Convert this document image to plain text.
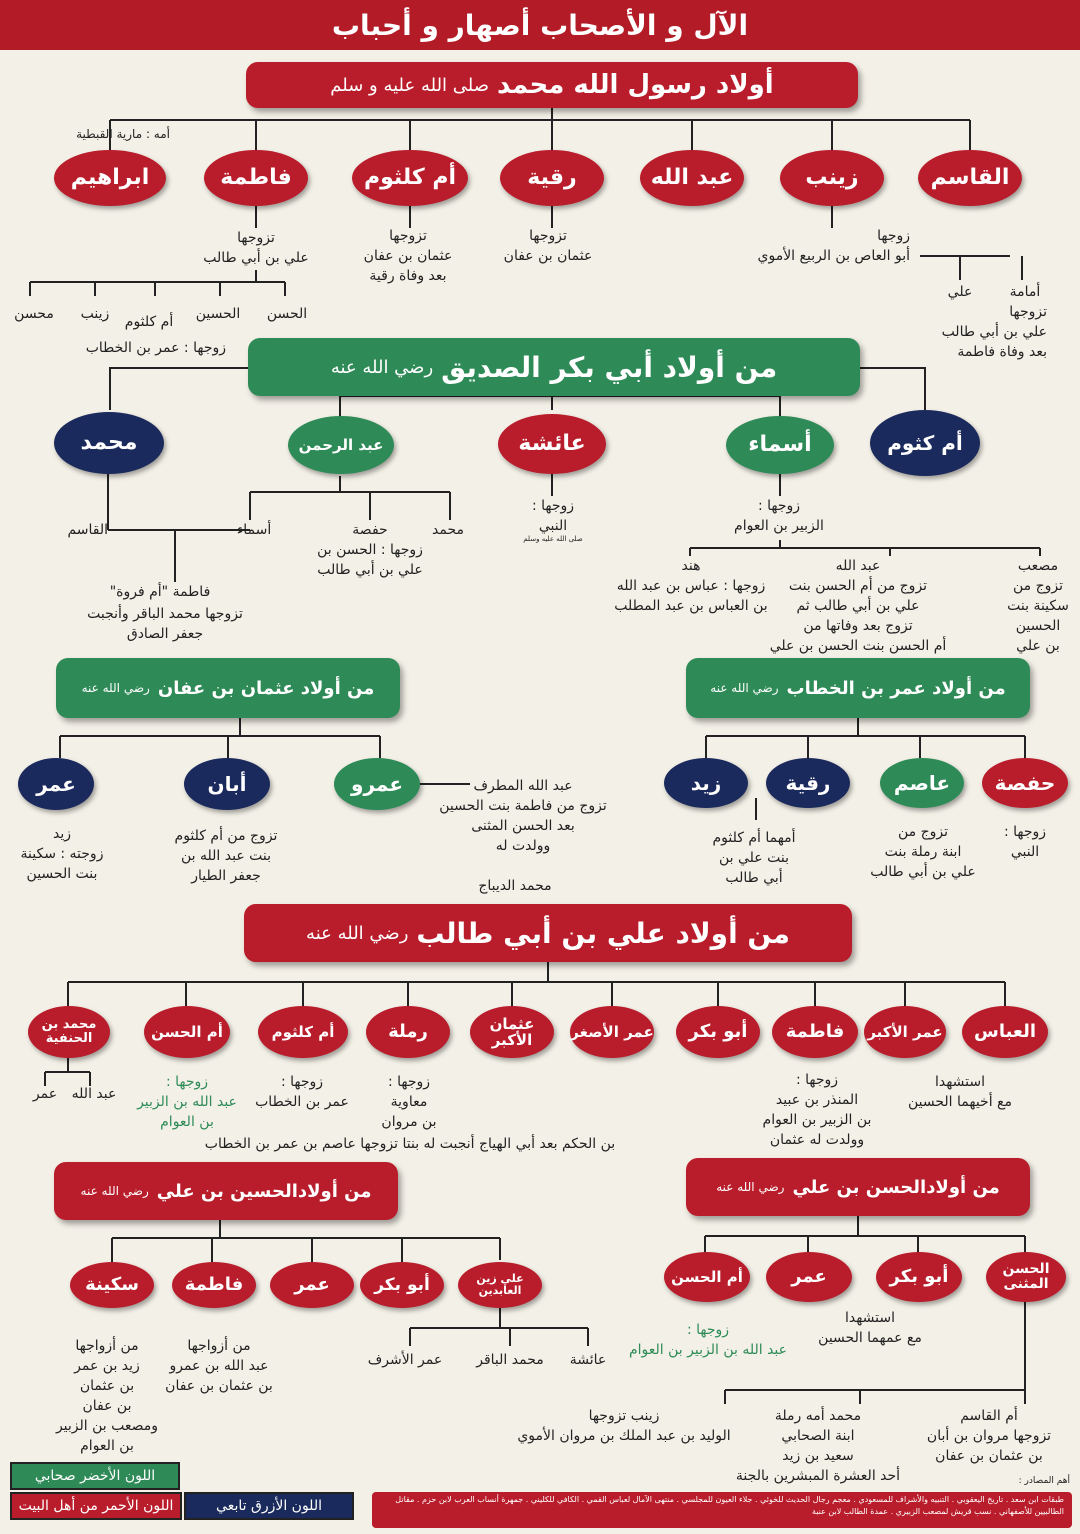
الآل و الأصحاب أصهار و أحباب
أولاد رسول الله محمد
صلى الله عليه و سلم
القاسم
زينب
عبد الله
رقية
أم كلثوم
فاطمة
ابراهيم
أمه : مارية القبطية
زوجها
أبو العاص بن الربيع الأموي
أمامة
علي
تزوجها
علي بن أبي طالب
بعد وفاة فاطمة
تزوجها
عثمان بن عفان
تزوجها
عثمان بن عفان
بعد وفاة رقية
تزوجها
علي بن أبي طالب
الحسن
الحسين
أم كلثوم
زينب
محسن
زوجها : عمر بن الخطاب
من أولاد أبي بكر الصديق
رضي الله عنه
أم كثوم
أسماء
عائشة
عبد الرحمن
محمد
زوجها :
الزبير بن العوام
زوجها :
النبي
صلى الله عليه وسلم
محمد
حفصة
أسماء
زوجها : الحسن بن
علي بن أبي طالب
القاسم
فاطمة "أم فروة"
تزوجها محمد الباقر وأنجبت
جعفر الصادق
مصعب
تزوج من
سكينة بنت
الحسين
بن علي
عبد الله
تزوج من أم الحسن بنت
علي بن أبي طالب ثم
تزوج بعد وفاتها من
أم الحسن بنت الحسن بن علي
هند
زوجها : عباس بن عبد الله
بن العباس بن عبد المطلب
من أولاد عمر بن الخطاب
رضي الله عنه
حفصة
عاصم
رقية
زيد
زوجها :
النبي
تزوج من
ابنة رملة بنت
علي بن أبي طالب
أمهما أم كلثوم
بنت علي بن
أبي طالب
من أولاد عثمان بن عفان
رضي الله عنه
عمرو
أبان
عمر	عبد الله المطرف
تزوج من فاطمة بنت الحسين
بعد الحسن المثنى
وولدت له
محمد الديباج
تزوج من أم كلثوم
بنت عبد الله بن
جعفر الطيار
زيد
زوجته : سكينة
بنت الحسين
من أولاد علي بن أبي طالب
رضي الله عنه
العباس
عمر الأكبر
فاطمة
أبو بكر
عمر الأصغر
عثمان الأكبر
رملة
أم كلثوم
أم الحسن
محمد بن الحنفية
استشهدا
مع أخيهما الحسين
زوجها :
المنذر بن عبيد
بن الزبير بن العوام
وولدت له عثمان
زوجها :
معاوية
بن مروان
زوجها :
عمر بن الخطاب
زوجها :
عبد الله بن الزبير
بن العوام
عبد الله
عمر
بن الحكم بعد أبي الهياج أنجبت له بنتا تزوجها عاصم بن عمر بن الخطاب
من أولادالحسن بن علي
رضي الله عنه
الحسن المثنى
أبو بكر
عمر
أم الحسن
استشهدا
مع عمهما الحسين
زوجها :
عبد الله بن الزبير بن العوام
أم القاسم
تزوجها مروان بن أبان
بن عثمان بن عفان
محمد أمه رملة
ابنة الصحابي
سعيد بن زيد
أحد العشرة المبشرين بالجنة
زينب تزوجها
الوليد بن عبد الملك بن مروان الأموي
من أولادالحسين بن علي
رضي الله عنه
علي زين العابدين
أبو بكر
عمر
فاطمة
سكينة
عائشة
محمد الباقر
عمر الأشرف
من أزواجها
عبد الله بن عمرو
بن عثمان بن عفان
من أزواجها
زيد بن عمر
بن عثمان
بن عفان
ومصعب بن الزبير
بن العوام
اللون الأخضر صحابي
اللون الأحمر من أهل البيت	اللون الأزرق تابعي
أهم المصادر :
طبقات ابن سعد . تاريخ اليعقوبي . التنبيه والأشراف للمسعودي . معجم رجال الحديث للخوئي . جلاء العيون للمجلسي . منتهى الآمال لعباس القمي . الكافي للكليني . جمهرة أنساب العرب لابن حزم . مقاتل الطالبيين للأصفهاني . نسب قريش لمصعب الزبيري . عمدة الطالب لابن عنبة
